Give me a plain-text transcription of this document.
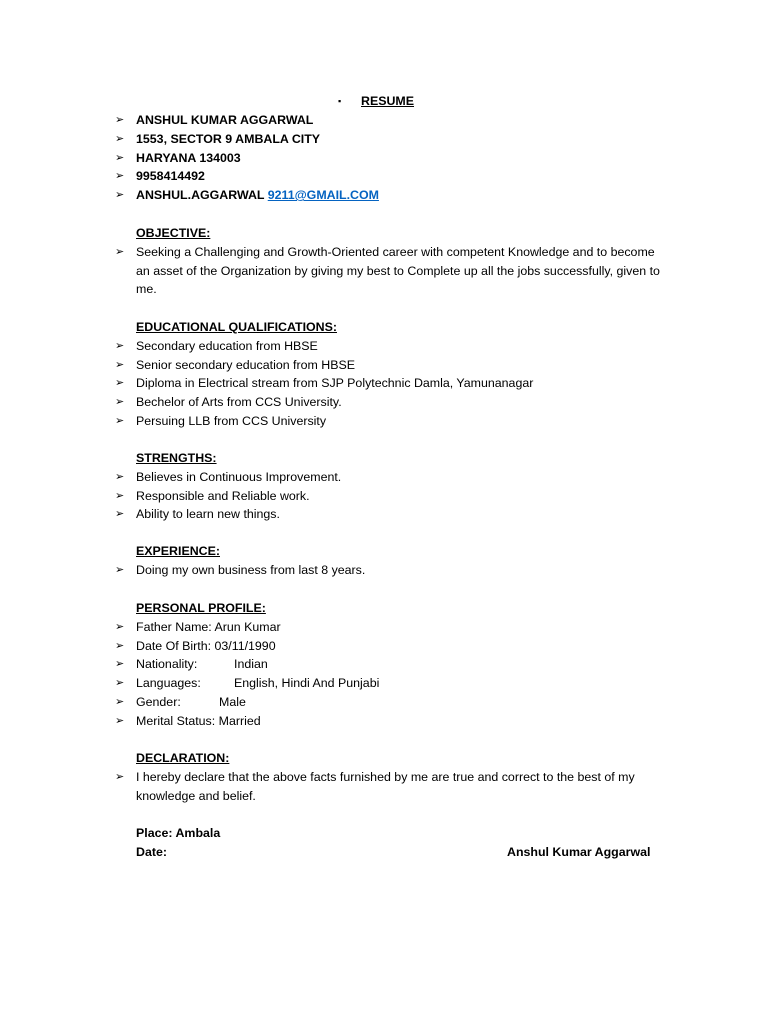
▪ RESUME
➢ ANSHUL KUMAR AGGARWAL
➢ 1553, SECTOR 9 AMBALA CITY
➢ HARYANA 134003
➢ 9958414492
➢ ANSHUL.AGGARWAL 9211@GMAIL.COM
OBJECTIVE:
➢ Seeking a Challenging and Growth-Oriented career with competent Knowledge and to become an asset of the Organization by giving my best to Complete up all the jobs successfully, given to me.
EDUCATIONAL QUALIFICATIONS:
➢ Secondary education from HBSE
➢ Senior secondary education from HBSE
➢ Diploma in Electrical stream from SJP Polytechnic Damla, Yamunanagar
➢ Bechelor of Arts from CCS University.
➢ Persuing LLB from CCS University
STRENGTHS:
➢ Believes in Continuous Improvement.
➢ Responsible and Reliable work.
➢ Ability to learn new things.
EXPERIENCE:
➢ Doing my own business from last 8 years.
PERSONAL PROFILE:
➢ Father Name: Arun Kumar
➢ Date Of Birth: 03/11/1990
➢ Nationality:	Indian
➢ Languages:	English, Hindi And Punjabi
➢ Gender:	Male
➢ Merital Status: Married
DECLARATION:
➢ I hereby declare that the above facts furnished by me are true and correct to the best of my knowledge and belief.
Place: Ambala
Date:	Anshul Kumar Aggarwal
